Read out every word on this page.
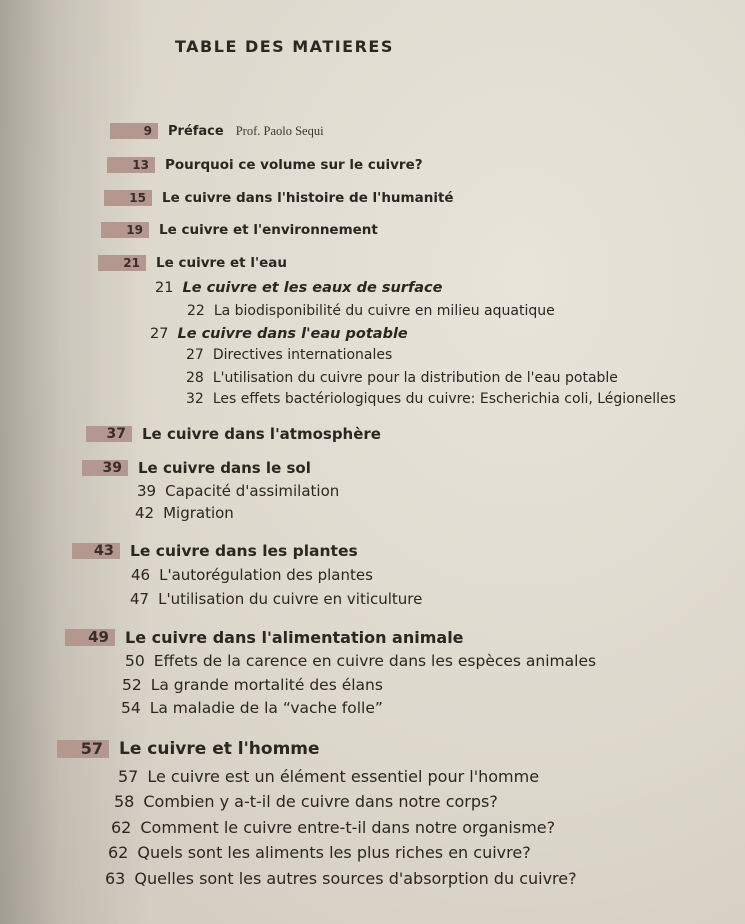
TABLE DES MATIERES
9	Préface Prof. Paolo Sequi
13	Pourquoi ce volume sur le cuivre?
15	Le cuivre dans l'histoire de l'humanité
19	Le cuivre et l'environnement
21	Le cuivre et l'eau
21 Le cuivre et les eaux de surface
22 La biodisponibilité du cuivre en milieu aquatique
27 Le cuivre dans l'eau potable
27 Directives internationales
28 L'utilisation du cuivre pour la distribution de l'eau potable
32 Les effets bactériologiques du cuivre: Escherichia coli, Légionelles
37	Le cuivre dans l'atmosphère
39	Le cuivre dans le sol
39 Capacité d'assimilation
42 Migration
43	Le cuivre dans les plantes
46 L'autorégulation des plantes
47 L'utilisation du cuivre en viticulture
49	Le cuivre dans l'alimentation animale
50 Effets de la carence en cuivre dans les espèces animales
52 La grande mortalité des élans
54 La maladie de la “vache folle”
57 Le cuivre et l'homme
57 Le cuivre est un élément essentiel pour l'homme
58 Combien y a-t-il de cuivre dans notre corps?
62 Comment le cuivre entre-t-il dans notre organisme?
62 Quels sont les aliments les plus riches en cuivre?
63 Quelles sont les autres sources d'absorption du cuivre?
